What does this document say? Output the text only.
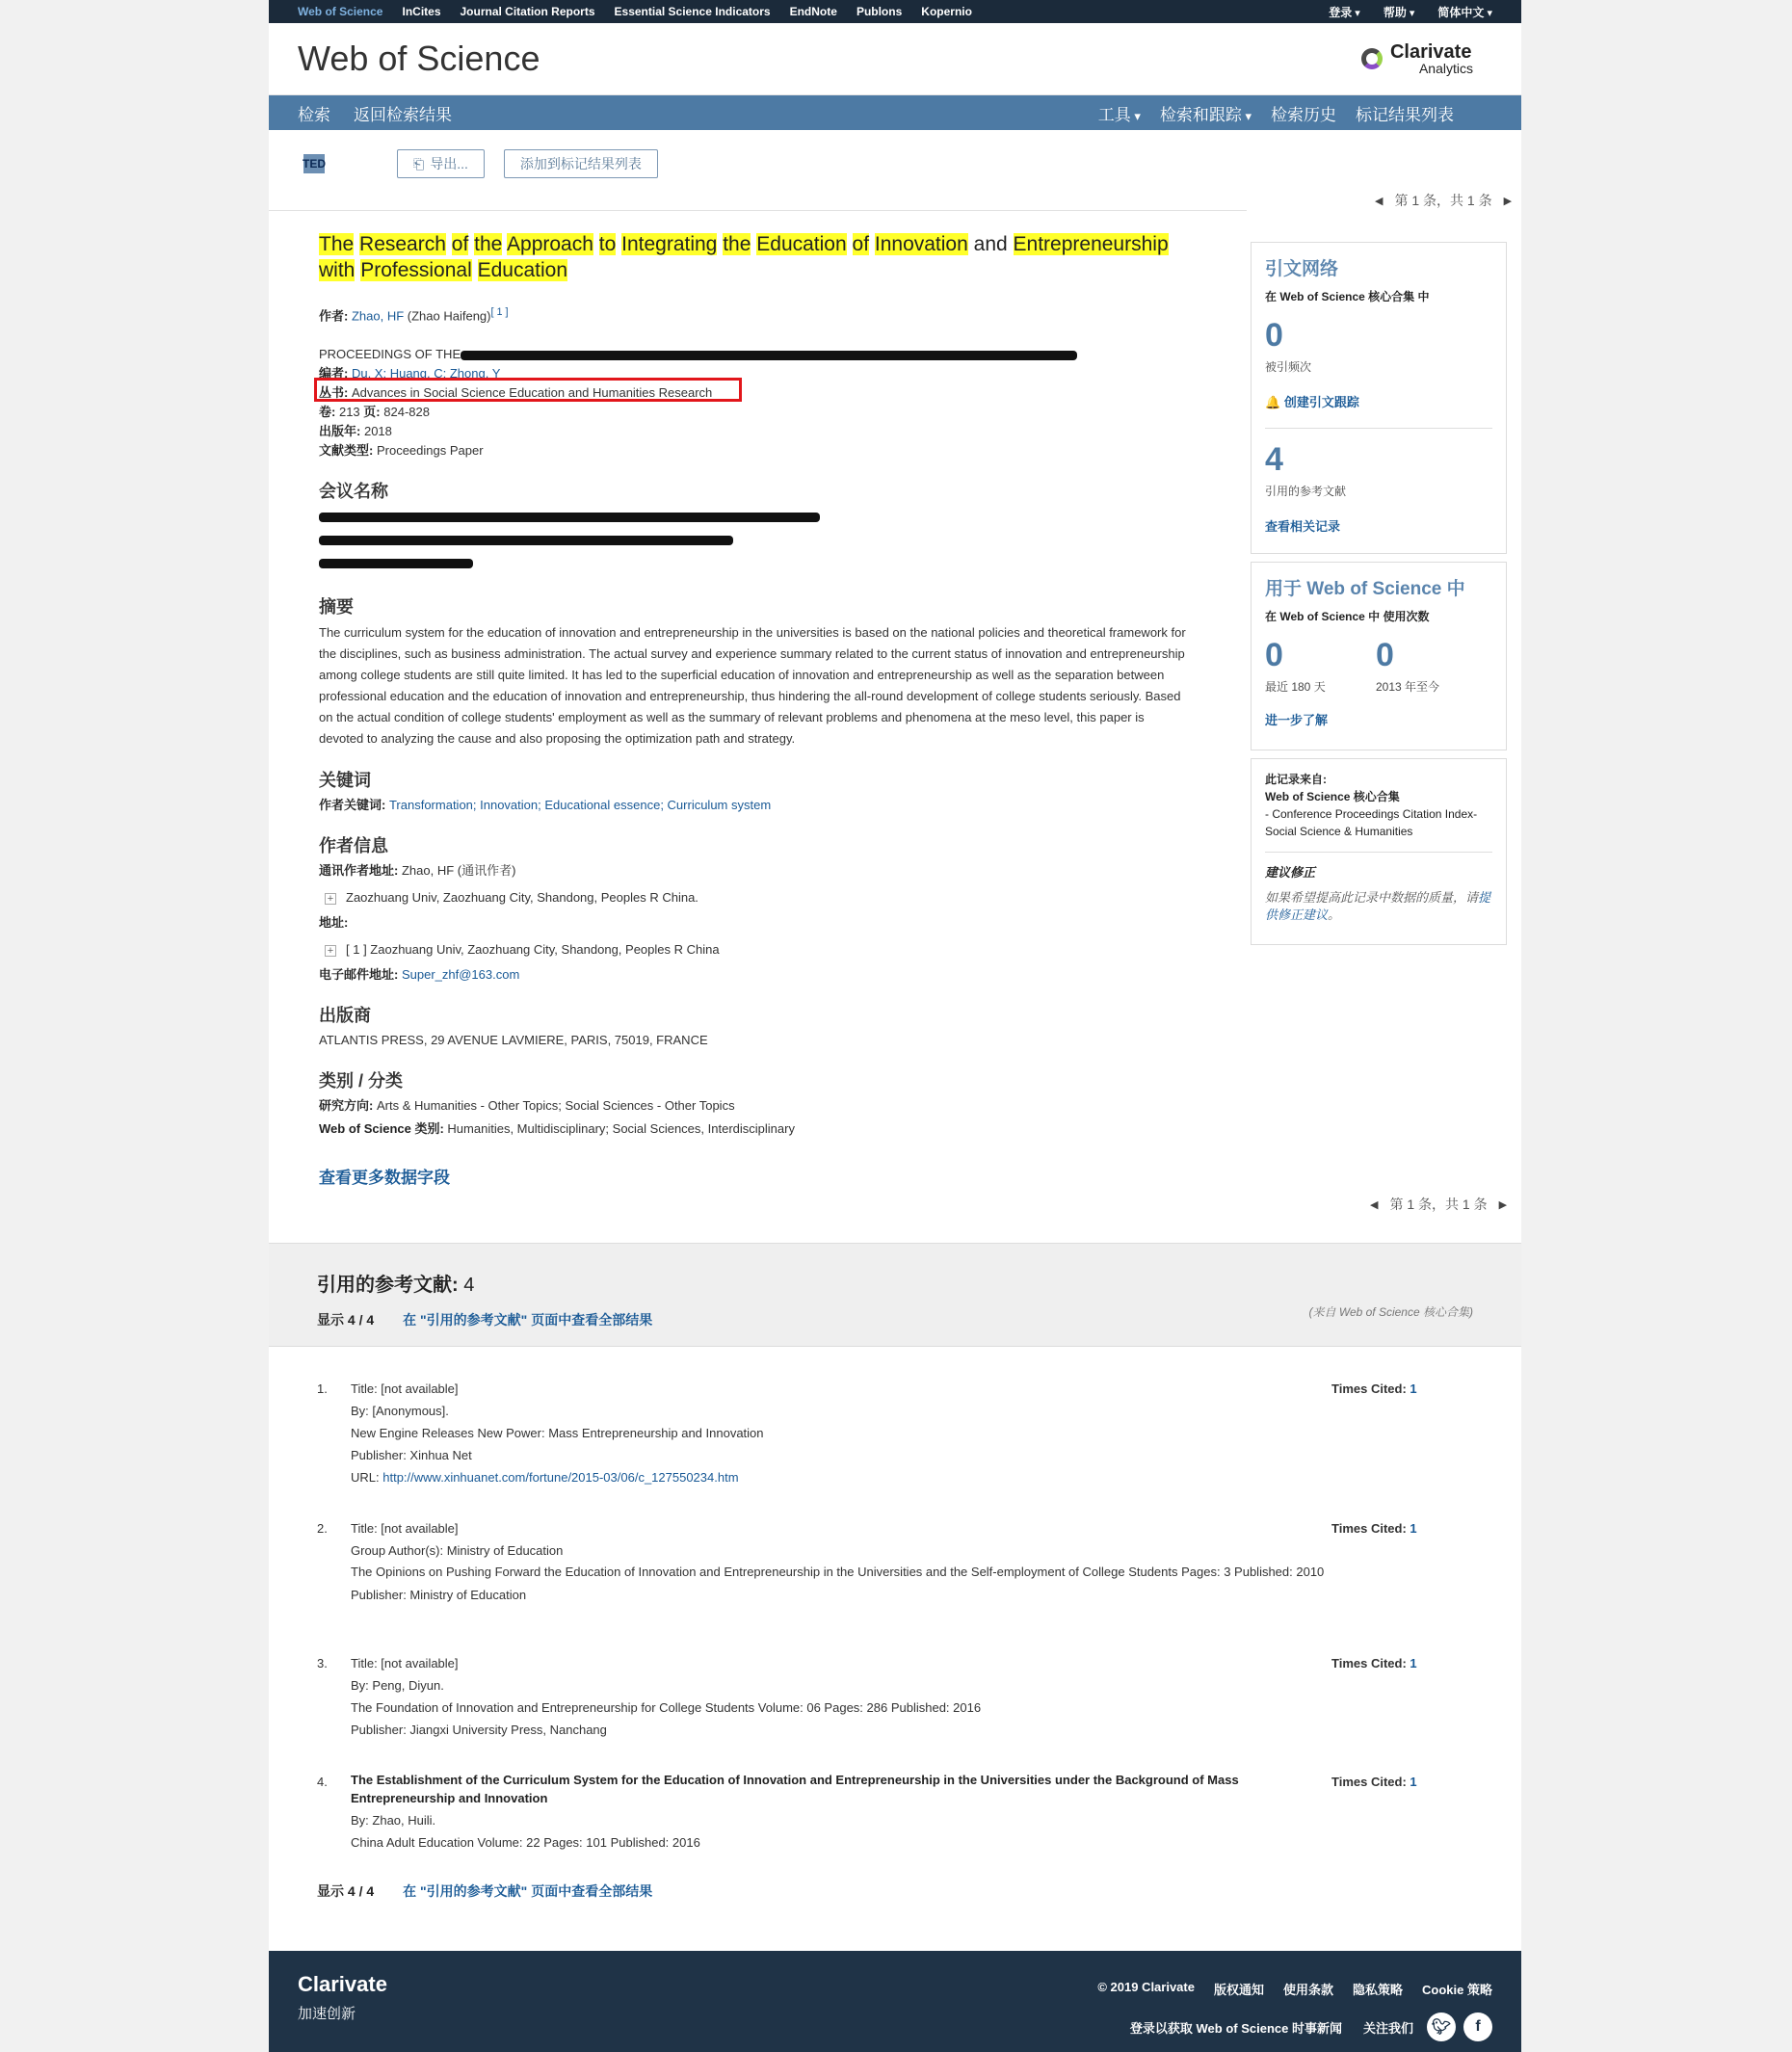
Web of Science InCites Journal Citation Reports Essential Science Indicators EndNote Publons Kopernio	登录 ▾	帮助 ▾	简体中文 ▾
Web of Science	Clarivate
Analytics
检索 返回检索结果	工具 ▾	检索和跟踪 ▾	检索历史 标记结果列表
TED	⎗ 导出...	添加到标记结果列表
◀ 第 1 条，共 1 条 ▶
The Research of the Approach to Integrating the Education of Innovation and Entrepreneurship with Professional Education
作者: Zhao, HF (Zhao Haifeng)[ 1 ]
PROCEEDINGS OF THE
编者: Du, X; Huang, C; Zhong, Y
丛书: Advances in Social Science Education and Humanities Research
卷: 213 页: 824-828
出版年: 2018
文献类型: Proceedings Paper
会议名称
摘要
The curriculum system for the education of innovation and entrepreneurship in the universities is based on the national policies and theoretical framework for the disciplines, such as business administration. The actual survey and experience summary related to the current status of innovation and entrepreneurship among college students are still quite limited. It has led to the superficial education of innovation and entrepreneurship as well as the separation between professional education and the education of innovation and entrepreneurship, thus hindering the all-round development of college students seriously. Based on the actual condition of college students' employment as well as the summary of relevant problems and phenomena at the meso level, this paper is devoted to analyzing the cause and also proposing the optimization path and strategy.
关键词
作者关键词: Transformation; Innovation; Educational essence; Curriculum system
作者信息
通讯作者地址: Zhao, HF (通讯作者)
+ Zaozhuang Univ, Zaozhuang City, Shandong, Peoples R China.
地址:
+ [ 1 ] Zaozhuang Univ, Zaozhuang City, Shandong, Peoples R China
电子邮件地址: Super_zhf@163.com
出版商
ATLANTIS PRESS, 29 AVENUE LAVMIERE, PARIS, 75019, FRANCE
类别 / 分类
研究方向: Arts & Humanities - Other Topics; Social Sciences - Other Topics
Web of Science 类别: Humanities, Multidisciplinary; Social Sciences, Interdisciplinary
查看更多数据字段
◀ 第 1 条，共 1 条 ▶
引文网络
在 Web of Science 核心合集 中
0
被引频次
🔔 创建引文跟踪
4
引用的参考文献
查看相关记录
用于 Web of Science 中
在 Web of Science 中 使用次数
0
最近 180 天
0
2013 年至今
进一步了解
此记录来自:
Web of Science 核心合集
- Conference Proceedings Citation Index-Social Science & Humanities
建议修正
如果希望提高此记录中数据的质量，请提供修正建议。
引用的参考文献: 4
显示 4 / 4 在 "引用的参考文献" 页面中查看全部结果	(来自 Web of Science 核心合集)
1. Title: [not available]
By: [Anonymous].
New Engine Releases New Power: Mass Entrepreneurship and Innovation
Publisher: Xinhua Net
URL: http://www.xinhuanet.com/fortune/2015-03/06/c_127550234.htm
Times Cited: 1
2. Title: [not available]
Group Author(s): Ministry of Education
The Opinions on Pushing Forward the Education of Innovation and Entrepreneurship in the Universities and the Self-employment of College Students Pages: 3 Published: 2010
Publisher: Ministry of Education
Times Cited: 1
3. Title: [not available]
By: Peng, Diyun.
The Foundation of Innovation and Entrepreneurship for College Students Volume: 06 Pages: 286 Published: 2016
Publisher: Jiangxi University Press, Nanchang
Times Cited: 1
4. The Establishment of the Curriculum System for the Education of Innovation and Entrepreneurship in the Universities under the Background of Mass Entrepreneurship and Innovation
By: Zhao, Huili.
China Adult Education Volume: 22 Pages: 101 Published: 2016
Times Cited: 1
显示 4 / 4 在 "引用的参考文献" 页面中查看全部结果
Clarivate
加速创新
© 2019 Clarivate 版权通知 使用条款 隐私策略 Cookie 策略
登录以获取 Web of Science 时事新闻 关注我们	🐦︎	f
